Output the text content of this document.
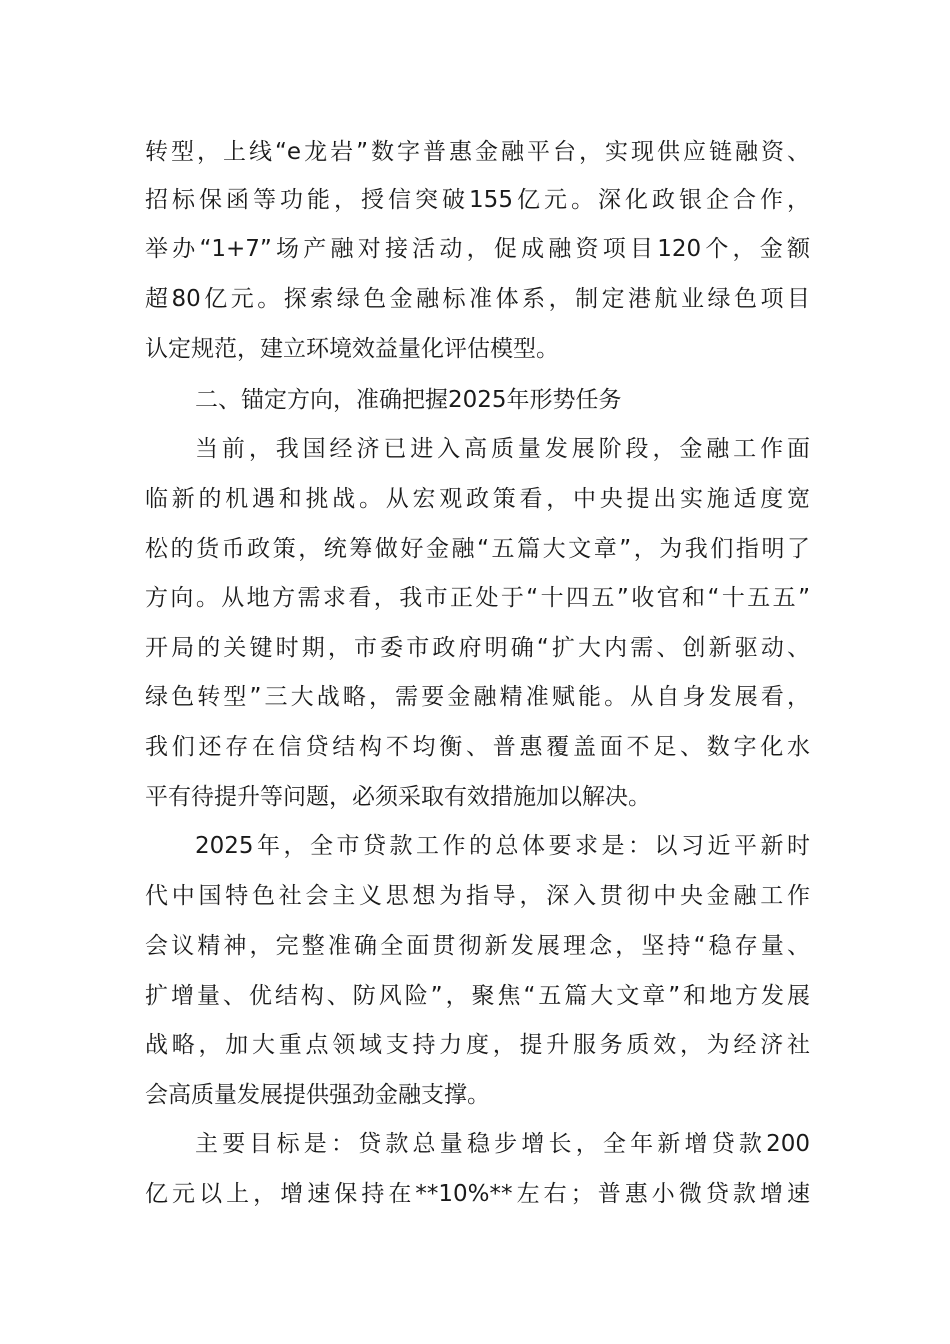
转型，上线“e龙岩”数字普惠金融平台，实现供应链融资、
招标保函等功能，授信突破155亿元。深化政银企合作，
举办“1+7”场产融对接活动，促成融资项目120个，金额
超80亿元。探索绿色金融标准体系，制定港航业绿色项目
认定规范，建立环境效益量化评估模型。
二、锚定方向，准确把握2025年形势任务
当前，我国经济已进入高质量发展阶段，金融工作面
临新的机遇和挑战。从宏观政策看，中央提出实施适度宽
松的货币政策，统筹做好金融“五篇大文章”，为我们指明了
方向。从地方需求看，我市正处于“十四五”收官和“十五五”
开局的关键时期，市委市政府明确“扩大内需、创新驱动、
绿色转型”三大战略，需要金融精准赋能。从自身发展看，
我们还存在信贷结构不均衡、普惠覆盖面不足、数字化水
平有待提升等问题，必须采取有效措施加以解决。
2025年，全市贷款工作的总体要求是：以习近平新时
代中国特色社会主义思想为指导，深入贯彻中央金融工作
会议精神，完整准确全面贯彻新发展理念，坚持“稳存量、
扩增量、优结构、防风险”，聚焦“五篇大文章”和地方发展
战略，加大重点领域支持力度，提升服务质效，为经济社
会高质量发展提供强劲金融支撑。
主要目标是：贷款总量稳步增长，全年新增贷款200
亿元以上，增速保持在**10%**左右；普惠小微贷款增速
